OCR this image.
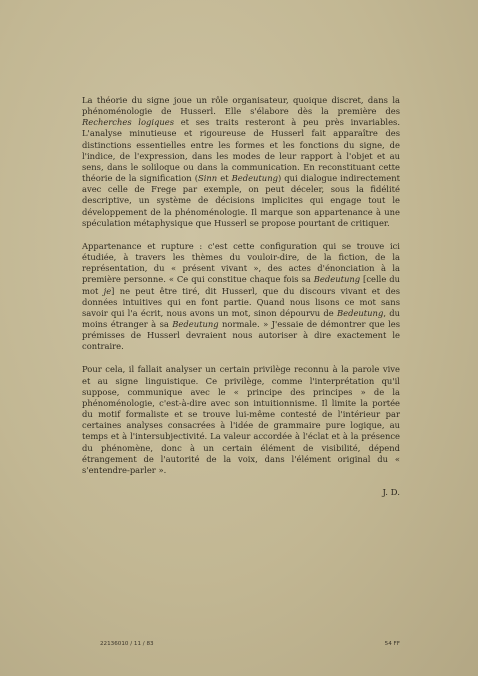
La théorie du signe joue un rôle organisateur, quoique discret, dans la phénoménologie de Husserl. Elle s'élabore dès la première des Recherches logiques et ses traits resteront à peu près invariables. L'analyse minutieuse et rigoureuse de Husserl fait apparaître des distinctions essentielles entre les formes et les fonctions du signe, de l'indice, de l'expression, dans les modes de leur rapport à l'objet et au sens, dans le soliloque ou dans la communication. En reconstituant cette théorie de la signification (Sinn et Bedeutung) qui dialogue indirectement avec celle de Frege par exemple, on peut déceler, sous la fidélité descriptive, un système de décisions implicites qui engage tout le développement de la phénoménologie. Il marque son appartenance à une spéculation métaphysique que Husserl se propose pourtant de critiquer.

Appartenance et rupture : c'est cette configuration qui se trouve ici étudiée, à travers les thèmes du vouloir-dire, de la fiction, de la représentation, du « présent vivant », des actes d'énonciation à la première personne. « Ce qui constitue chaque fois sa Bedeutung [celle du mot je] ne peut être tiré, dit Husserl, que du discours vivant et des données intuitives qui en font partie. Quand nous lisons ce mot sans savoir qui l'a écrit, nous avons un mot, sinon dépourvu de Bedeutung, du moins étranger à sa Bedeutung normale. » J'essaie de démontrer que les prémisses de Husserl devraient nous autoriser à dire exactement le contraire.

Pour cela, il fallait analyser un certain privilège reconnu à la parole vive et au signe linguistique. Ce privilège, comme l'interprétation qu'il suppose, communique avec le « principe des principes » de la phénoménologie, c'est-à-dire avec son intuitionnisme. Il limite la portée du motif formaliste et se trouve lui-même contesté de l'intérieur par certaines analyses consacrées à l'idée de grammaire pure logique, au temps et à l'intersubjectivité. La valeur accordée à l'éclat et à la présence du phénomène, donc à un certain élément de visibilité, dépend étrangement de l'autorité de la voix, dans l'élément original du « s'entendre-parler ».

J. D.

22136010 / 11 / 83	54 FF
